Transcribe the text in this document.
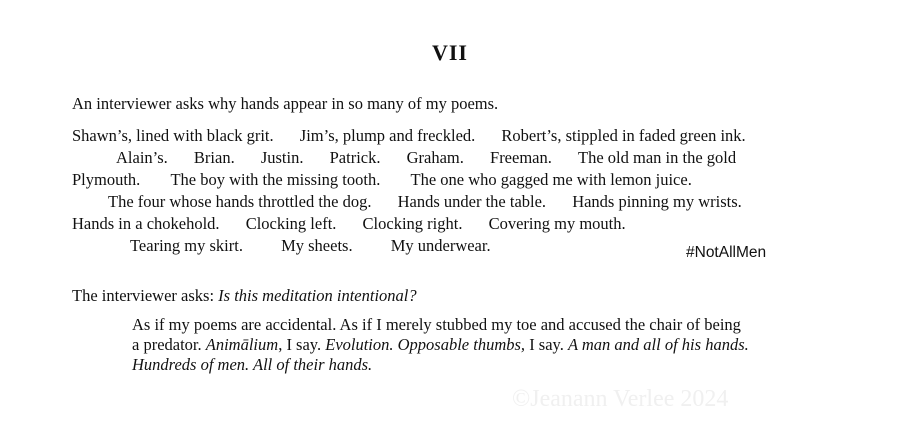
VII
An interviewer asks why hands appear in so many of my poems.
Shawn’s, lined with black grit. Jim’s, plump and freckled. Robert’s, stippled in faded green ink.
Alain’s. Brian. Justin. Patrick. Graham. Freeman. The old man in the gold
Plymouth. The boy with the missing tooth. The one who gagged me with lemon juice.
The four whose hands throttled the dog. Hands under the table. Hands pinning my wrists.
Hands in a chokehold. Clocking left. Clocking right. Covering my mouth.
Tearing my skirt. My sheets. My underwear.	#NotAllMen
The interviewer asks: Is this meditation intentional?
As if my poems are accidental. As if I merely stubbed my toe and accused the chair of being
a predator. Animālium, I say. Evolution. Opposable thumbs, I say. A man and all of his hands.
Hundreds of men. All of their hands.
©Jeanann Verlee 2024
